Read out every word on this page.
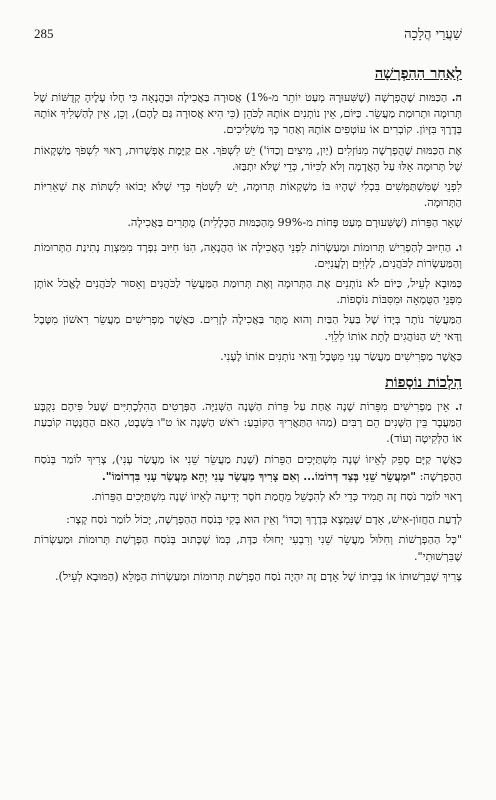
285	שַׁעֲרֵי הֲלָכָה
לְאַחַר הַהַפְרָשָׁה

ה. הַכַּמּוּת שֶׁהֻפְרְשָׁה (שֶׁשִּׁעוּרָהּ מְעַט יוֹתֵר מ-1%) אֲסוּרָה בַּאֲכִילָה וּבַהֲנָאָה כִּי חָלוּ עָלֶיהָ קְדֻשּׁוֹת שֶׁל תְּרוּמָה וּתְרוּמַת מַעֲשֵׂר. כַּיּוֹם, אֵין נוֹתְנִים אוֹתָהּ לַכֹּהֵן (כִּי הִיא אֲסוּרָה גַּם לָהֶם), וְכֵן, אֵין לְהַשְׁלִיךְ אוֹתָהּ בְּדֶרֶךְ בִּזָּיוֹן. קוֹבְרִים אוֹ עוֹטְפִים אוֹתָהּ וְאַחַר כָּךְ מַשְׁלִיכִים.

אֶת הַכַּמּוּת שֶׁהֻפְרְשָׁה מִנּוֹזְלִים (יַיִן, מִיצִים וְכַדּוֹ') יֵשׁ לִשְׁפֹּךְ. אִם קַיֶּמֶת אֶפְשָׁרוּת, רָאוּי לִשְׁפֹּךְ מַשְׁקָאוֹת שֶׁל תְּרוּמָה אֵלּוּ עַל הָאֲדָמָה וְלֹא לַכִּיּוֹר, כְּדֵי שֶׁלֹּא יִתְבַּזּוּ.

לִפְנֵי שֶׁמִּשְׁתַּמְּשִׁים בִּכְלִי שֶׁהָיוּ בּוֹ מַשְׁקָאוֹת תְּרוּמָה, יֵשׁ לִשְׁטֹף כְּדֵי שֶׁלֹּא יָבוֹאוּ לִשְׁתּוֹת אֶת שְׁאֵרִיּוֹת הַתְּרוּמָה.

שְׁאָר הַפֵּרוֹת (שֶׁשִּׁעוּרָם מְעַט פָּחוֹת מ-99% מֵהַכַּמּוּת הַכְּלָלִית) מֻתָּרִים בַּאֲכִילָה.

ו. הַחִיּוּב לְהַפְרִישׁ תְּרוּמוֹת וּמַעַשְׂרוֹת לִפְנֵי הָאֲכִילָה אוֹ הַהֲנָאָה, הִנּוֹ חִיּוּב נִפְרָד מִמִּצְוַת נְתִינַת הַתְּרוּמוֹת וְהַמַּעַשְׂרוֹת לַכֹּהֲנִים, לַלְוִיִּם וְלָעֲנִיִּים.

כַּמּוּבָא לְעֵיל, כַּיּוֹם לֹא נוֹתְנִים אֶת הַתְּרוּמָה וְאֶת תְּרוּמַת הַמַּעֲשֵׂר לַכֹּהֲנִים וְאָסוּר לַכֹּהֲנִים לֶאֱכֹל אוֹתָן מִפְּנֵי הַטֻּמְאָה וּמִסִּבּוֹת נוֹסָפוֹת.

הַמַּעֲשֵׂר נוֹתָר בְּיָדוֹ שֶׁל בַּעַל הַבַּיִת וְהוּא מֻתָּר בַּאֲכִילָה לְזָרִים. כַּאֲשֶׁר מַפְרִישִׁים מַעֲשֵׂר רִאשׁוֹן מִטֶּבֶל וַדַּאי יֵשׁ הַנּוֹהֲגִים לָתֵת אוֹתוֹ לְלֵוִי.

כַּאֲשֶׁר מַפְרִישִׁים מַעֲשַׂר עָנִי מִטֶּבֶל וַדַּאי נוֹתְנִים אוֹתוֹ לֶעָנִי.

הִלְכוֹת נוֹסָפוֹת

ז. אֵין מַפְרִישִׁים מִפֵּרוֹת שָׁנָה אַחַת עַל פֵּרוֹת הַשָּׁנָה הַשְּׁנִיָּה. הַפְּרָטִים הַהִלְכָתִיִּים שֶׁעַל פִּיהֶם נִקְבָּע הַמַּעֲבָר בֵּין הַשָּׁנִים הֵם רַבִּים (מַהוּ הַתַּאֲרִיךְ הַקּוֹבֵעַ: רֹאשׁ הַשָּׁנָה אוֹ ט"ו בִּשְׁבָט, הַאִם הַחֲנָטָה קוֹבַעַת אוֹ הַלְּקִיטָה וְעוֹד).

כַּאֲשֶׁר קַיָּם סָפֵק לְאֵיזוֹ שָׁנָה מִשְׁתַּיְּכִים הַפֵּרוֹת (שְׁנַת מַעֲשֵׂר שֵׁנִי אוֹ מַעֲשַׂר עָנִי), צָרִיךְ לוֹמַר בְּנֹסַח הַהַפְרָשָׁה: "וּמַעֲשֵׂר שֵׁנִי בְּצַד דְּרוֹמוֹ... וְאִם צָרִיךְ מַעֲשַׂר עָנִי יְהֵא מַעֲשַׂר עָנִי בִּדְרוֹמוֹ".

רָאוּי לוֹמַר נֹסַח זֶה תָּמִיד כְּדֵי לֹא לְהִכָּשֵׁל מֵחֲמַת חֹסֶר יְדִיעָה לְאֵיזוֹ שָׁנָה מִשְׁתַּיְּכִים הַפֵּרוֹת.

לְדַעַת הַחֲזוֹן-אִישׁ, אָדָם שֶׁנִּמְצָא בְּדֶרֶךְ וְכַדּוֹ' וְאֵין הוּא בָּקִי בְּנֹסַח הַהַפְרָשָׁה, יָכוֹל לוֹמַר נֹסַח קָצָר:

"כָּל הַהַפְרָשׁוֹת וְחִלּוּל מַעֲשֵׂר שֵׁנִי וְרִבְעִי יָחוּלוּ כַּדָּת, כְּמוֹ שֶׁכָּתוּב בְּנֹסַח הַפְרָשַׁת תְּרוּמוֹת וּמַעַשְׂרוֹת שֶׁבִּרְשׁוּתִי".

צָרִיךְ שֶׁבִּרְשׁוּתוֹ אוֹ בְּבֵיתוֹ שֶׁל אָדָם זֶה יִהְיֶה נֹסַח הַפְרָשַׁת תְּרוּמוֹת וּמַעַשְׂרוֹת הַמָּלֵא (הַמּוּבָא לְעֵיל).
